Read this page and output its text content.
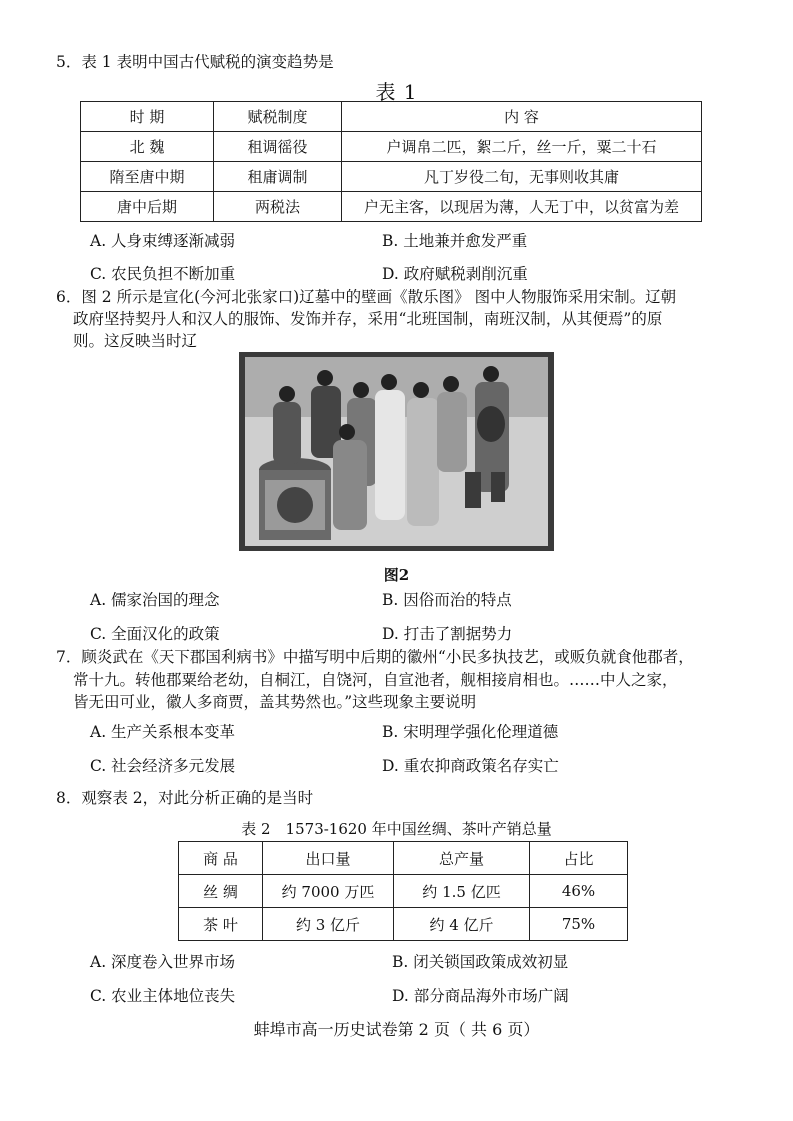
5．表 1 表明中国古代赋税的演变趋势是
表 1
时 期	赋税制度	内 容
北 魏	租调徭役	户调帛二匹，絮二斤，丝一斤，粟二十石
隋至唐中期	租庸调制	凡丁岁役二旬，无事则收其庸
唐中后期	两税法	户无主客，以现居为薄，人无丁中，以贫富为差
A. 人身束缚逐渐减弱	B. 土地兼并愈发严重
C. 农民负担不断加重	D. 政府赋税剥削沉重
6．图 2 所示是宣化(今河北张家口)辽墓中的壁画《散乐图》 图中人物服饰采用宋制。辽朝
政府坚持契丹人和汉人的服饰、发饰并存，采用“北班国制，南班汉制，从其便焉”的原
则。这反映当时辽
图2
A. 儒家治国的理念	B. 因俗而治的特点
C. 全面汉化的政策	D. 打击了割据势力
7．顾炎武在《天下郡国利病书》中描写明中后期的徽州“小民多执技艺，或贩负就食他郡者，
常十九。转他郡粟给老幼，自桐江，自饶河，自宣池者，舰相接肩相也。……中人之家，
皆无田可业，徽人多商贾，盖其势然也。”这些现象主要说明
A. 生产关系根本变革	B. 宋明理学强化伦理道德
C. 社会经济多元发展	D. 重农抑商政策名存实亡
8．观察表 2，对此分析正确的是当时
表 2　1573-1620 年中国丝绸、茶叶产销总量
商 品	出口量	总产量	占比
丝 绸	约 7000 万匹	约 1.5 亿匹	46%
茶 叶	约 3 亿斤	约 4 亿斤	75%
A. 深度卷入世界市场	B. 闭关锁国政策成效初显
C. 农业主体地位丧失	D. 部分商品海外市场广阔
蚌埠市高一历史试卷第 2 页（ 共 6 页）
